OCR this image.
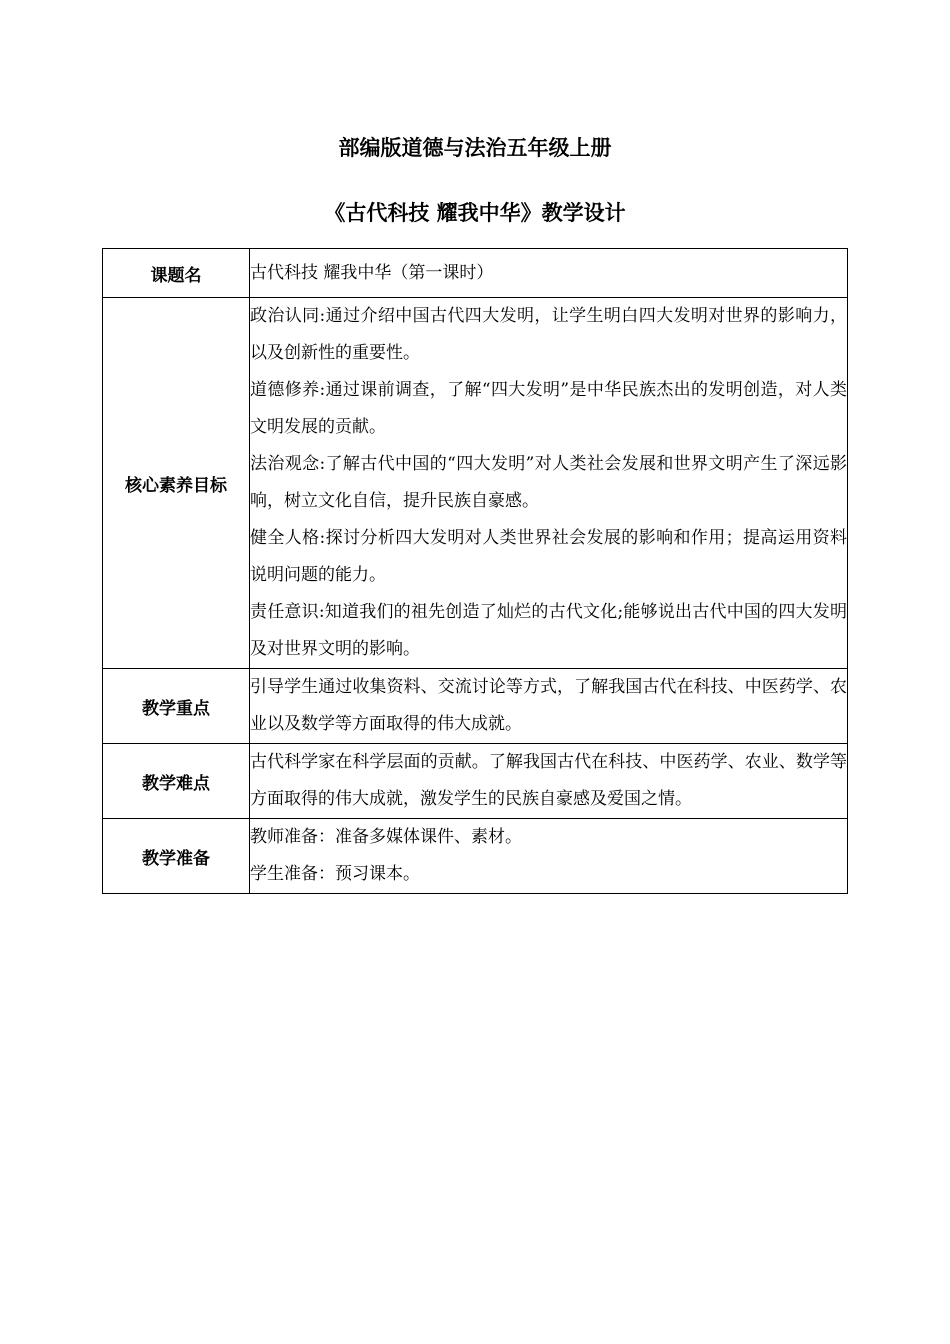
部编版道德与法治五年级上册
《古代科技 耀我中华》教学设计
课题名	古代科技 耀我中华（第一课时）
核心素养目标	政治认同:通过介绍中国古代四大发明，让学生明白四大发明对世界的影响力，以及创新性的重要性。

道德修养:通过课前调查，了解“四大发明”是中华民族杰出的发明创造，对人类文明发展的贡献。

法治观念:了解古代中国的“四大发明”对人类社会发展和世界文明产生了深远影响，树立文化自信，提升民族自豪感。

健全人格:探讨分析四大发明对人类世界社会发展的影响和作用；提高运用资料说明问题的能力。

责任意识:知道我们的祖先创造了灿烂的古代文化;能够说出古代中国的四大发明及对世界文明的影响。

教学重点	引导学生通过收集资料、交流讨论等方式，了解我国古代在科技、中医药学、农业以及数学等方面取得的伟大成就。
教学难点	古代科学家在科学层面的贡献。了解我国古代在科技、中医药学、农业、数学等方面取得的伟大成就，激发学生的民族自豪感及爱国之情。
教学准备	教师准备：准备多媒体课件、素材。

学生准备：预习课本。
